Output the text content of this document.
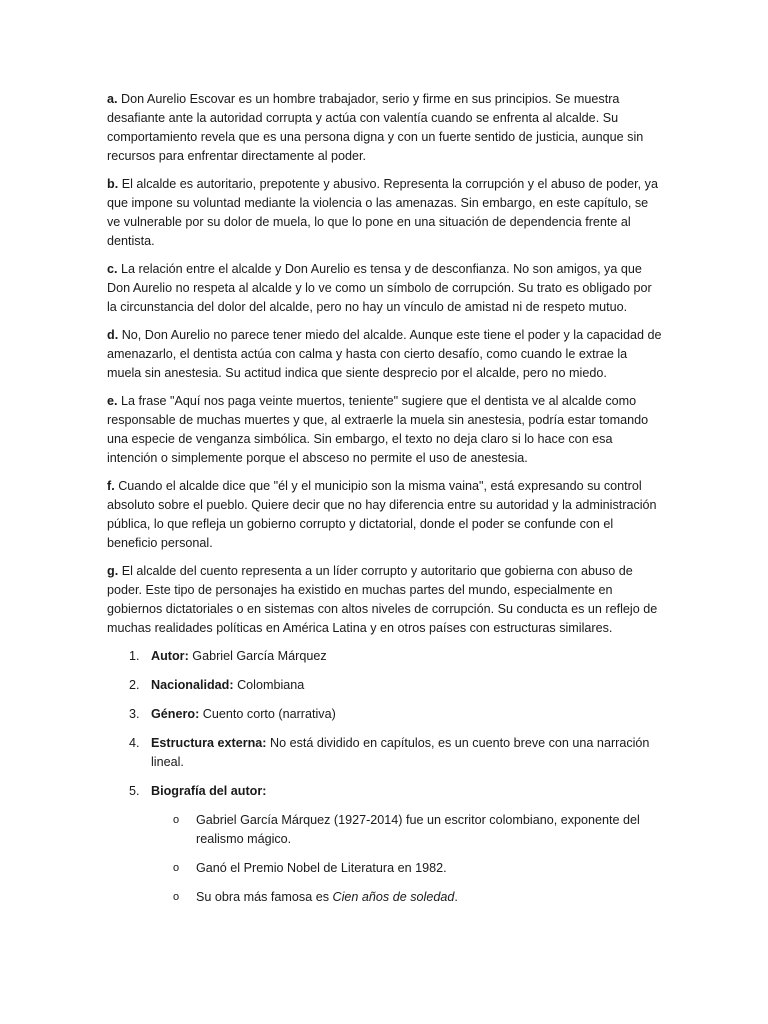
a. Don Aurelio Escovar es un hombre trabajador, serio y firme en sus principios. Se muestra desafiante ante la autoridad corrupta y actúa con valentía cuando se enfrenta al alcalde. Su comportamiento revela que es una persona digna y con un fuerte sentido de justicia, aunque sin recursos para enfrentar directamente al poder.

b. El alcalde es autoritario, prepotente y abusivo. Representa la corrupción y el abuso de poder, ya que impone su voluntad mediante la violencia o las amenazas. Sin embargo, en este capítulo, se ve vulnerable por su dolor de muela, lo que lo pone en una situación de dependencia frente al dentista.

c. La relación entre el alcalde y Don Aurelio es tensa y de desconfianza. No son amigos, ya que Don Aurelio no respeta al alcalde y lo ve como un símbolo de corrupción. Su trato es obligado por la circunstancia del dolor del alcalde, pero no hay un vínculo de amistad ni de respeto mutuo.

d. No, Don Aurelio no parece tener miedo del alcalde. Aunque este tiene el poder y la capacidad de amenazarlo, el dentista actúa con calma y hasta con cierto desafío, como cuando le extrae la muela sin anestesia. Su actitud indica que siente desprecio por el alcalde, pero no miedo.

e. La frase "Aquí nos paga veinte muertos, teniente" sugiere que el dentista ve al alcalde como responsable de muchas muertes y que, al extraerle la muela sin anestesia, podría estar tomando una especie de venganza simbólica. Sin embargo, el texto no deja claro si lo hace con esa intención o simplemente porque el absceso no permite el uso de anestesia.

f. Cuando el alcalde dice que "él y el municipio son la misma vaina", está expresando su control absoluto sobre el pueblo. Quiere decir que no hay diferencia entre su autoridad y la administración pública, lo que refleja un gobierno corrupto y dictatorial, donde el poder se confunde con el beneficio personal.

g. El alcalde del cuento representa a un líder corrupto y autoritario que gobierna con abuso de poder. Este tipo de personajes ha existido en muchas partes del mundo, especialmente en gobiernos dictatoriales o en sistemas con altos niveles de corrupción. Su conducta es un reflejo de muchas realidades políticas en América Latina y en otros países con estructuras similares.

1. Autor: Gabriel García Márquez
2. Nacionalidad: Colombiana
3. Género: Cuento corto (narrativa)
4. Estructura externa: No está dividido en capítulos, es un cuento breve con una narración lineal.
5. Biografía del autor:
o Gabriel García Márquez (1927-2014) fue un escritor colombiano, exponente del realismo mágico.
o Ganó el Premio Nobel de Literatura en 1982.
o Su obra más famosa es Cien años de soledad.
